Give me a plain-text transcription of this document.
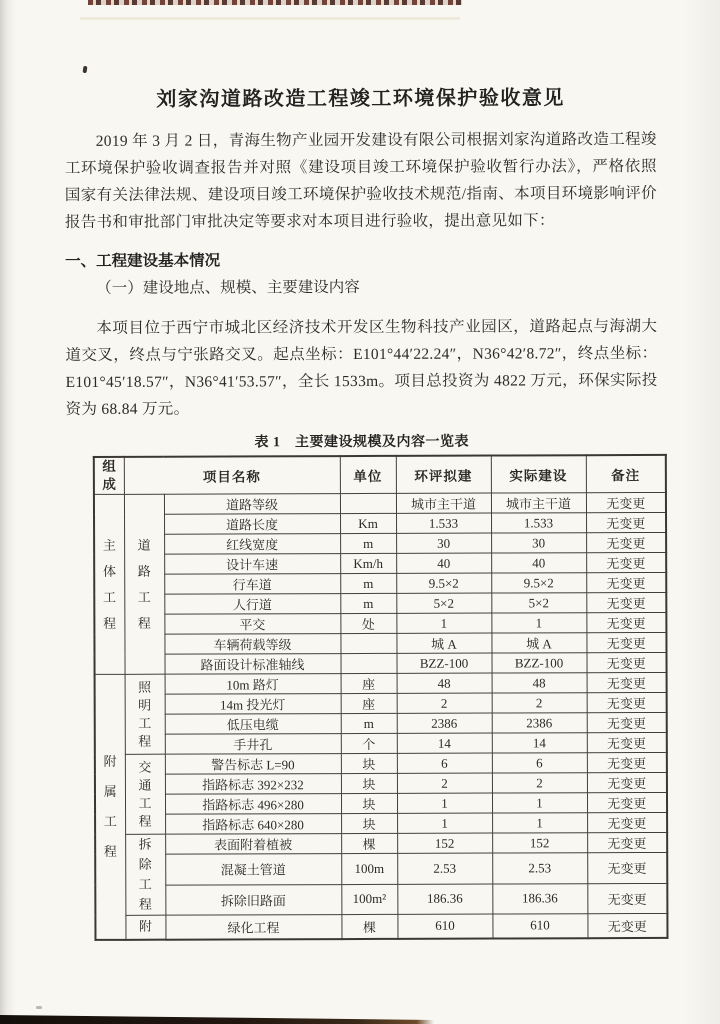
刘家沟道路改造工程竣工环境保护验收意见

2019 年 3 月 2 日，青海生物产业园开发建设有限公司根据刘家沟道路改造工程竣工环境保护验收调查报告并对照《建设项目竣工环境保护验收暂行办法》，严格依照国家有关法律法规、建设项目竣工环境保护验收技术规范/指南、本项目环境影响评价报告书和审批部门审批决定等要求对本项目进行验收，提出意见如下：

一、工程建设基本情况

（一）建设地点、规模、主要建设内容

本项目位于西宁市城北区经济技术开发区生物科技产业园区，道路起点与海湖大道交叉，终点与宁张路交叉。起点坐标：E101°44′22.24″，N36°42′8.72″，终点坐标：E101°45′18.57″，N36°41′53.57″，全长 1533m。项目总投资为 4822 万元，环保实际投资为 68.84 万元。

表 1　主要建设规模及内容一览表

组成	项目名称		单位	环评拟建	实际建设	备注

主体工程	道路工程	道路等级		城市主干道	城市主干道	无变更
		道路长度	Km	1.533	1.533	无变更
		红线宽度	m	30	30	无变更
		设计车速	Km/h	40	40	无变更
		行车道	m	9.5×2	9.5×2	无变更
		人行道	m	5×2	5×2	无变更
		平交	处	1	1	无变更
		车辆荷载等级		城 A	城 A	无变更
		路面设计标准轴线		BZZ-100	BZZ-100	无变更

附属工程	照明工程	10m 路灯	座	48	48	无变更
		14m 投光灯	座	2	2	无变更
		低压电缆	m	2386	2386	无变更
		手井孔	个	14	14	无变更

	交通工程	警告标志 L=90	块	6	6	无变更
		指路标志 392×232	块	2	2	无变更
		指路标志 496×280	块	1	1	无变更
		指路标志 640×280	块	1	1	无变更

	拆除工程	表面附着植被	棵	152	152	无变更
		混凝土管道	100m	2.53	2.53	无变更
		拆除旧路面	100m²	186.36	186.36	无变更

	附	绿化工程	棵	610	610	无变更
